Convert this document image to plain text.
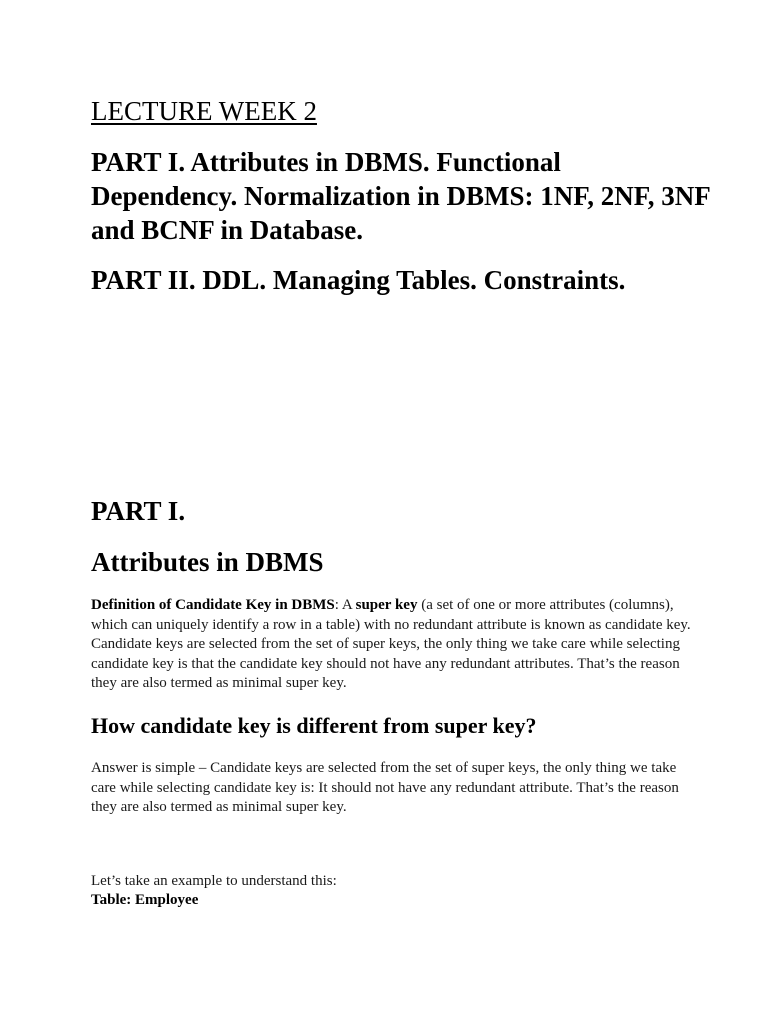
LECTURE WEEK 2
PART I. Attributes in DBMS. Functional Dependency. Normalization in DBMS: 1NF, 2NF, 3NF and BCNF in Database.
PART II. DDL. Managing Tables. Constraints.
PART I.
Attributes in DBMS

Definition of Candidate Key in DBMS: A super key (a set of one or more attributes (columns), which can uniquely identify a row in a table) with no redundant attribute is known as candidate key. Candidate keys are selected from the set of super keys, the only thing we take care while selecting candidate key is that the candidate key should not have any redundant attributes. That’s the reason they are also termed as minimal super key.

How candidate key is different from super key?

Answer is simple – Candidate keys are selected from the set of super keys, the only thing we take care while selecting candidate key is: It should not have any redundant attribute. That’s the reason they are also termed as minimal super key.

Let’s take an example to understand this:

Table: Employee
